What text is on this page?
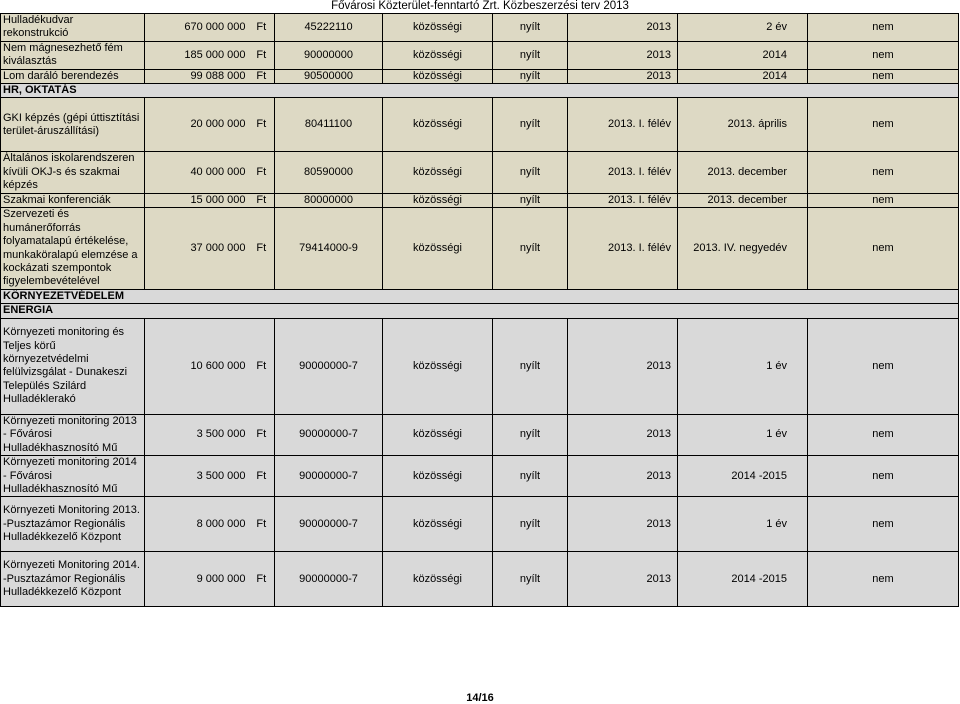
Fővárosi Közterület-fenntartó Zrt. Közbeszerzési terv 2013
Hulladékudvar rekonstrukció	670 000 000	Ft	45222110	közösségi	nyílt	2013	2 év	nem
Nem mágnesezhető fém kiválasztás	185 000 000	Ft	90000000	közösségi	nyílt	2013	2014	nem
Lom daráló berendezés	99 088 000	Ft	90500000	közösségi	nyílt	2013	2014	nem
HR, OKTATÁS								
GKI képzés (gépi úttisztítási terület-áruszállítási)	20 000 000	Ft	80411100	közösségi	nyílt	2013. I. félév	2013. április	nem
Általános iskolarendszeren kívüli OKJ-s és szakmai képzés	40 000 000	Ft	80590000	közösségi	nyílt	2013. I. félév	2013. december	nem
Szakmai konferenciák	15 000 000	Ft	80000000	közösségi	nyílt	2013. I. félév	2013. december	nem
Szervezeti és humánerőforrás folyamatalapú értékelése, munkaköralapú elemzése a kockázati szempontok figyelembevételével	37 000 000	Ft	79414000-9	közösségi	nyílt	2013. I. félév	2013. IV. negyedév	nem
KÖRNYEZETVÉDELEM								
ENERGIA								
Környezeti monitoring és Teljes körű környezetvédelmi felülvizsgálat - Dunakeszi Település Szilárd Hulladéklerakó	10 600 000	Ft	90000000-7	közösségi	nyílt	2013	1 év	nem
Környezeti monitoring 2013 - Fővárosi Hulladékhasznosító Mű	3 500 000	Ft	90000000-7	közösségi	nyílt	2013	1 év	nem
Környezeti monitoring 2014 - Fővárosi Hulladékhasznosító Mű	3 500 000	Ft	90000000-7	közösségi	nyílt	2013	2014 -2015	nem
Környezeti Monitoring 2013. -Pusztazámor Regionális Hulladékkezelő Központ	8 000 000	Ft	90000000-7	közösségi	nyílt	2013	1 év	nem
Környezeti Monitoring 2014. -Pusztazámor Regionális Hulladékkezelő Központ	9 000 000	Ft	90000000-7	közösségi	nyílt	2013	2014 -2015	nem
14/16
